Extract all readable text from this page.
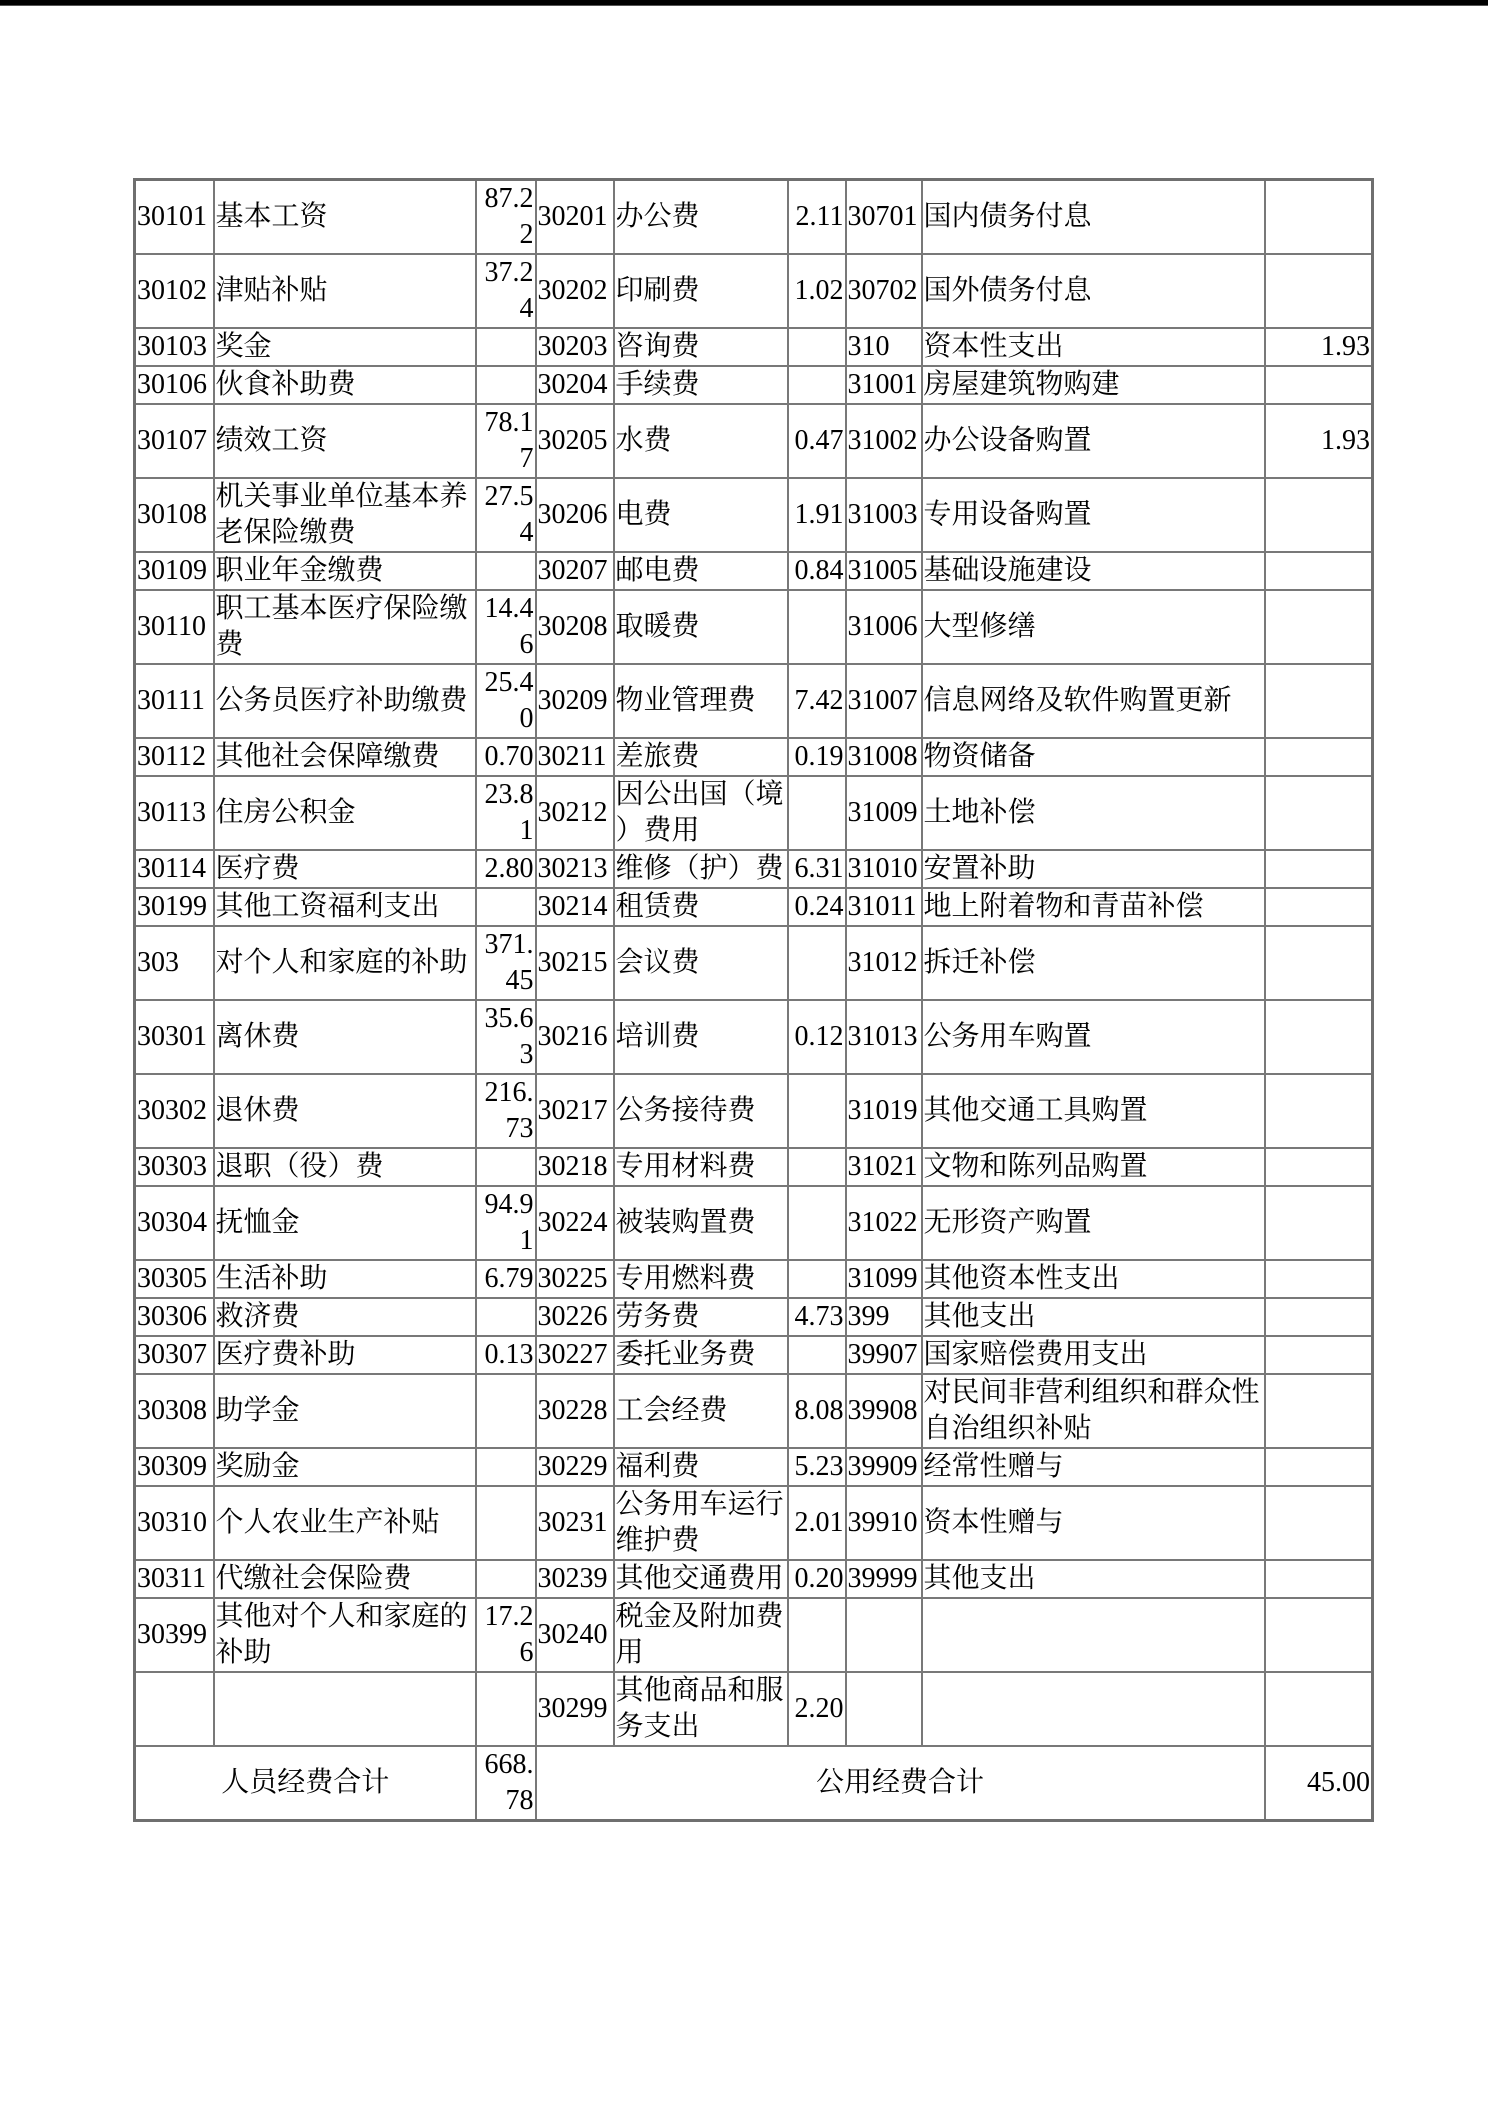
30101	基本工资	87.22	30201	办公费	2.11	30701	国内债务付息	
30102	津贴补贴	37.24	30202	印刷费	1.02	30702	国外债务付息	
30103	奖金		30203	咨询费		310	资本性支出	1.93
30106	伙食补助费		30204	手续费		31001	房屋建筑物购建	
30107	绩效工资	78.17	30205	水费	0.47	31002	办公设备购置	1.93
30108	机关事业单位基本养老保险缴费	27.54	30206	电费	1.91	31003	专用设备购置	
30109	职业年金缴费		30207	邮电费	0.84	31005	基础设施建设	
30110	职工基本医疗保险缴费	14.46	30208	取暖费		31006	大型修缮	
30111	公务员医疗补助缴费	25.40	30209	物业管理费	7.42	31007	信息网络及软件购置更新	
30112	其他社会保障缴费	0.70	30211	差旅费	0.19	31008	物资储备	
30113	住房公积金	23.81	30212	因公出国（境）费用		31009	土地补偿	
30114	医疗费	2.80	30213	维修（护）费	6.31	31010	安置补助	
30199	其他工资福利支出		30214	租赁费	0.24	31011	地上附着物和青苗补偿	
303	对个人和家庭的补助	371.45	30215	会议费		31012	拆迁补偿	
30301	离休费	35.63	30216	培训费	0.12	31013	公务用车购置	
30302	退休费	216.73	30217	公务接待费		31019	其他交通工具购置	
30303	退职（役）费		30218	专用材料费		31021	文物和陈列品购置	
30304	抚恤金	94.91	30224	被装购置费		31022	无形资产购置	
30305	生活补助	6.79	30225	专用燃料费		31099	其他资本性支出	
30306	救济费		30226	劳务费	4.73	399	其他支出	
30307	医疗费补助	0.13	30227	委托业务费		39907	国家赔偿费用支出	
30308	助学金		30228	工会经费	8.08	39908	对民间非营利组织和群众性自治组织补贴	
30309	奖励金		30229	福利费	5.23	39909	经常性赠与	
30310	个人农业生产补贴		30231	公务用车运行维护费	2.01	39910	资本性赠与	
30311	代缴社会保险费		30239	其他交通费用	0.20	39999	其他支出	
30399	其他对个人和家庭的补助	17.26	30240	税金及附加费用				
			30299	其他商品和服务支出	2.20			
人员经费合计		668.78	公用经费合计					45.00
